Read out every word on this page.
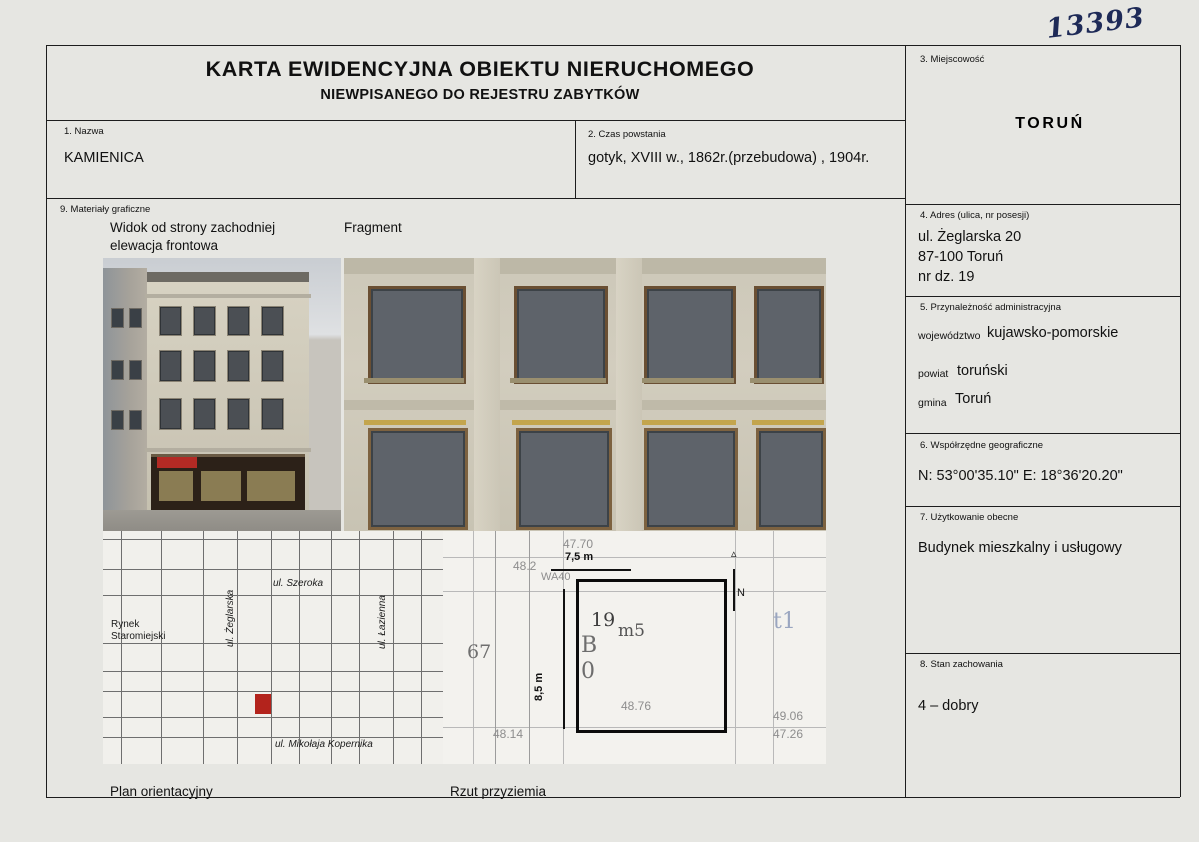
13393
KARTA EWIDENCYJNA OBIEKTU NIERUCHOMEGO
NIEWPISANEGO DO REJESTRU ZABYTKÓW
1. Nazwa
KAMIENICA
2. Czas powstania
gotyk, XVIII w., 1862r.(przebudowa) , 1904r.
3. Miejscowość
TORUŃ
4. Adres (ulica, nr posesji)
ul. Żeglarska 20
87-100 Toruń
nr dz. 19
5. Przynależność administracyjna
województwo kujawsko-pomorskie
powiat toruński
gmina Toruń
6. Współrzędne geograficzne
N: 53°00'35.10" E: 18°36'20.20"
7. Użytkowanie obecne
Budynek mieszkalny i usługowy
8. Stan zachowania
4 – dobry
9. Materiały graficzne
Widok od strony zachodniej
elewacja frontowa
Fragment
ul. Szeroka
ul. Łazienna
ul. Żeglarska
ul. Mikołaja Kopernika
Rynek
Staromiejski
19 m5
48.76
48.2
47.70
49.06
47.26
48.14
WA40
67
t1
B
0
7,5 m
8,5 m
▵
N
Plan orientacyjny	Rzut przyziemia
